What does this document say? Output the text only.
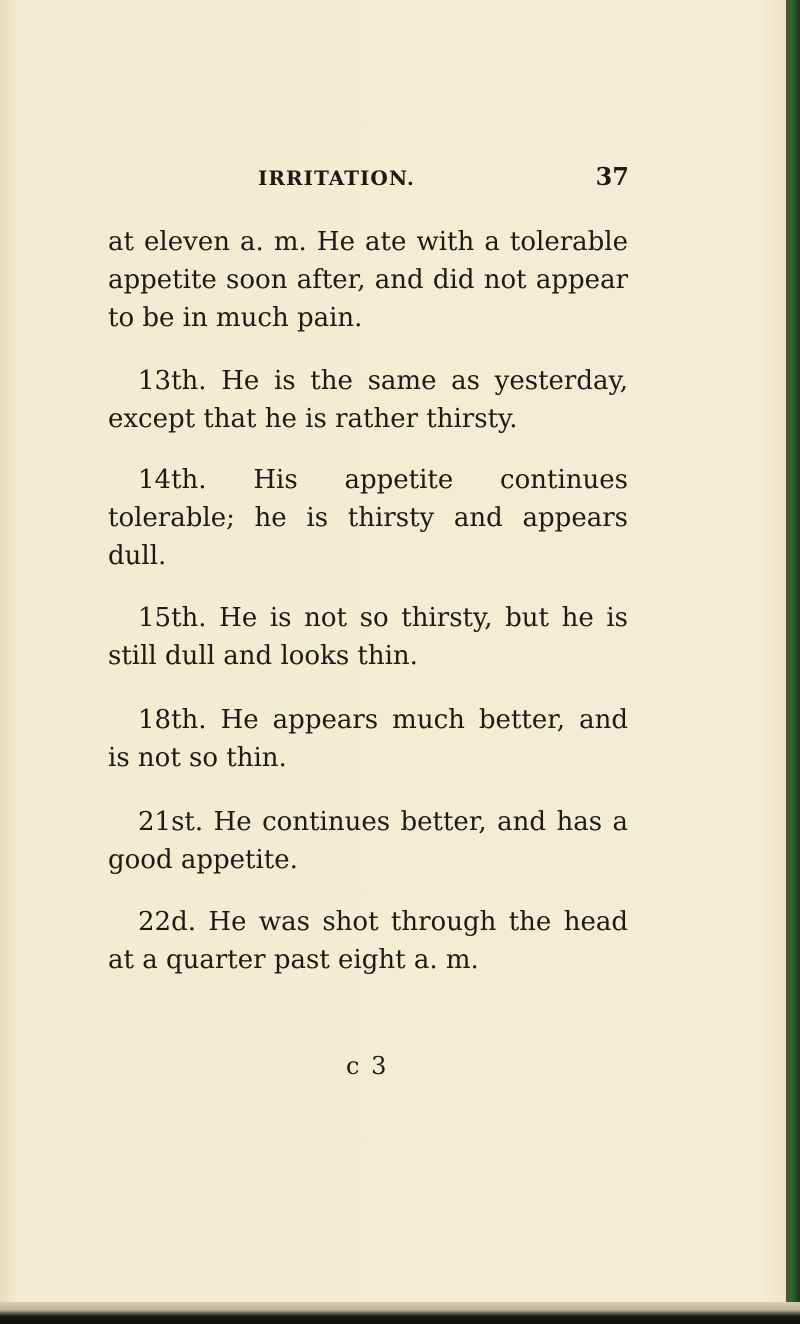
IRRITATION.	37

at eleven a. m. He ate with a tolerable appetite soon after, and did not appear to be in much pain.

13th. He is the same as yesterday, except that he is rather thirsty.

14th. His appetite continues tolerable; he is thirsty and appears dull.

15th. He is not so thirsty, but he is still dull and looks thin.

18th. He appears much better, and is not so thin.

21st. He continues better, and has a good appetite.

22d. He was shot through the head at a quarter past eight a. m.

c 3
